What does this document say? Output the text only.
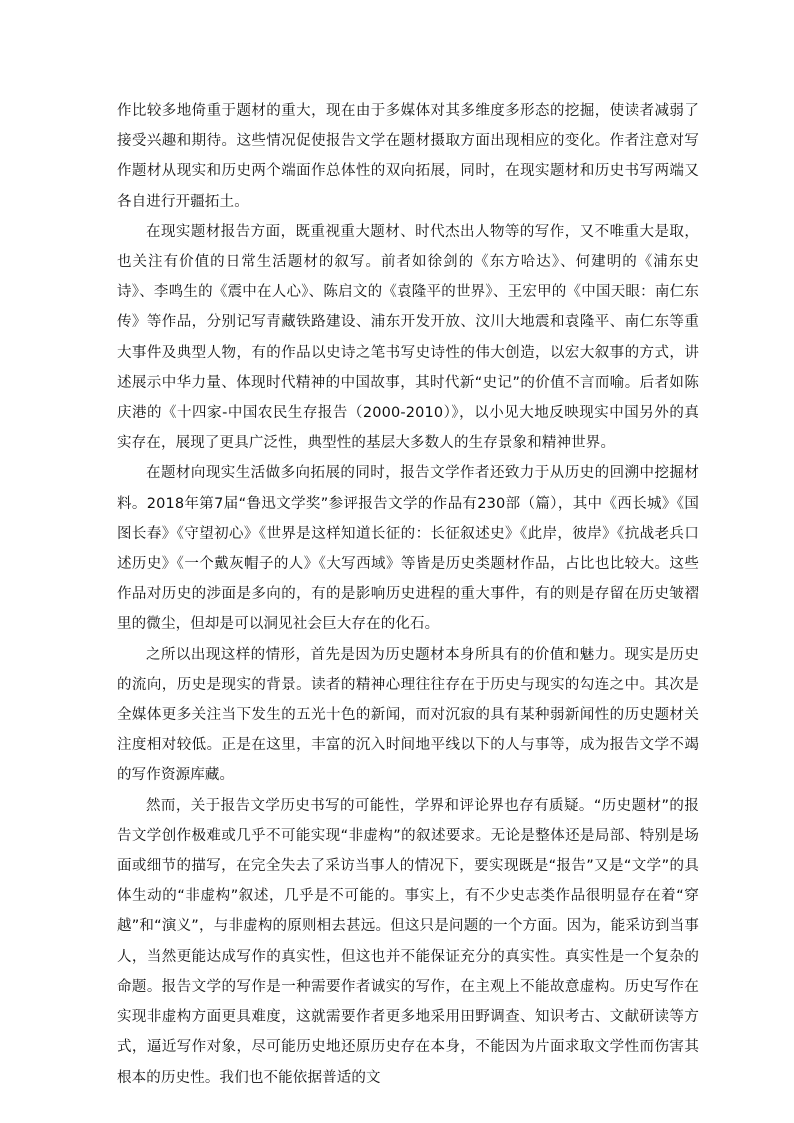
作比较多地倚重于题材的重大，现在由于多媒体对其多维度多形态的挖掘，使读者减弱了接受兴趣和期待。这些情况促使报告文学在题材摄取方面出现相应的变化。作者注意对写作题材从现实和历史两个端面作总体性的双向拓展，同时，在现实题材和历史书写两端又各自进行开疆拓土。

在现实题材报告方面，既重视重大题材、时代杰出人物等的写作，又不唯重大是取，也关注有价值的日常生活题材的叙写。前者如徐剑的《东方哈达》、何建明的《浦东史诗》、李鸣生的《震中在人心》、陈启文的《袁隆平的世界》、王宏甲的《中国天眼：南仁东传》等作品，分别记写青藏铁路建设、浦东开发开放、汶川大地震和袁隆平、南仁东等重大事件及典型人物，有的作品以史诗之笔书写史诗性的伟大创造，以宏大叙事的方式，讲述展示中华力量、体现时代精神的中国故事，其时代新“史记”的价值不言而喻。后者如陈庆港的《十四家-中国农民生存报告（2000-2010）》，以小见大地反映现实中国另外的真实存在，展现了更具广泛性，典型性的基层大多数人的生存景象和精神世界。

在题材向现实生活做多向拓展的同时，报告文学作者还致力于从历史的回溯中挖掘材料。2018年第7届“鲁迅文学奖”参评报告文学的作品有230部（篇），其中《西长城》《国图长春》《守望初心》《世界是这样知道长征的：长征叙述史》《此岸，彼岸》《抗战老兵口述历史》《一个戴灰帽子的人》《大写西域》等皆是历史类题材作品，占比也比较大。这些作品对历史的涉面是多向的，有的是影响历史进程的重大事件，有的则是存留在历史皱褶里的微尘，但却是可以洞见社会巨大存在的化石。

之所以出现这样的情形，首先是因为历史题材本身所具有的价值和魅力。现实是历史的流向，历史是现实的背景。读者的精神心理往往存在于历史与现实的勾连之中。其次是全媒体更多关注当下发生的五光十色的新闻，而对沉寂的具有某种弱新闻性的历史题材关注度相对较低。正是在这里，丰富的沉入时间地平线以下的人与事等，成为报告文学不竭的写作资源库藏。

然而，关于报告文学历史书写的可能性，学界和评论界也存有质疑。“历史题材”的报告文学创作极难或几乎不可能实现“非虚构”的叙述要求。无论是整体还是局部、特别是场面或细节的描写，在完全失去了采访当事人的情况下，要实现既是“报告”又是“文学”的具体生动的“非虚构”叙述，几乎是不可能的。事实上，有不少史志类作品很明显存在着“穿越”和“演义”，与非虚构的原则相去甚远。但这只是问题的一个方面。因为，能采访到当事人，当然更能达成写作的真实性，但这也并不能保证充分的真实性。真实性是一个复杂的命题。报告文学的写作是一种需要作者诚实的写作，在主观上不能故意虚构。历史写作在实现非虚构方面更具难度，这就需要作者更多地采用田野调查、知识考古、文献研读等方式，逼近写作对象，尽可能历史地还原历史存在本身，不能因为片面求取文学性而伤害其根本的历史性。我们也不能依据普适的文
